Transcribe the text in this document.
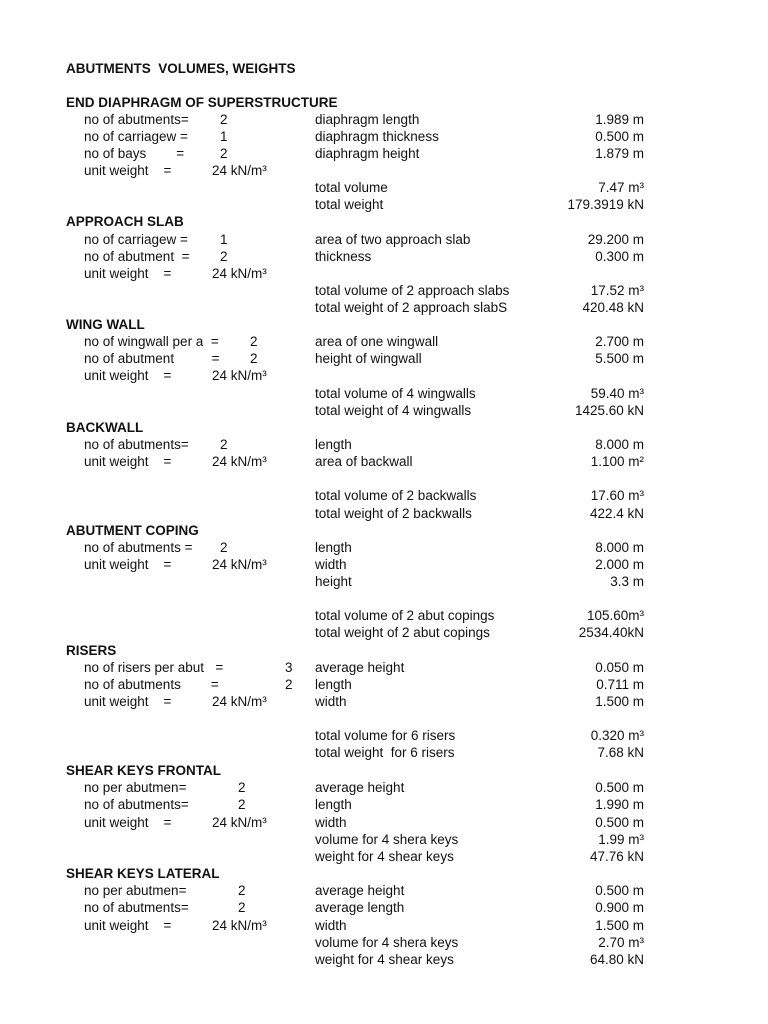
ABUTMENTS  VOLUMES, WEIGHTS
END DIAPHRAGM OF SUPERSTRUCTURE
no of abutments= 2
no of carriagew = 1
no of bays        =	2
unit weight    =	24 kN/m³
diaphragm length	1.989 m
diaphragm thickness	0.500 m
diaphragm height	1.879 m
total volume	7.47 m³
total weight	179.3919 kN
APPROACH SLAB
no of carriagew = 1
no of abutment  = 2
unit weight    =	24 kN/m³
area of two approach slab	29.200 m
thickness	0.300 m
total volume of 2 approach slabs	17.52 m³
total weight of 2 approach slabS	420.48 kN
WING WALL
no of wingwall per a  = 2
no of abutment          = 2
unit weight    =	24 kN/m³
area of one wingwall	2.700 m
height of wingwall	5.500 m
total volume of 4 wingwalls	59.40 m³
total weight of 4 wingwalls	1425.60 kN
BACKWALL
no of abutments= 2
unit weight    =	24 kN/m³
length	8.000 m
area of backwall	1.100 m²
total volume of 2 backwalls	17.60 m³
total weight of 2 backwalls	422.4 kN
ABUTMENT COPING
no of abutments = 2
unit weight    =	24 kN/m³
length	8.000 m
width	2.000 m
height	3.3 m
total volume of 2 abut copings	105.60m³
total weight of 2 abut copings	2534.40kN
RISERS
no of risers per abut   =	3
no of abutments        =	2
unit weight    =	24 kN/m³
average height	0.050 m
length	0.711 m
width	1.500 m
total volume for 6 risers	0.320 m³
total weight  for 6 risers	7.68 kN
SHEAR KEYS FRONTAL
no per abutmen=	2
no of abutments=	2
unit weight    =	24 kN/m³
average height	0.500 m
length	1.990 m
width	0.500 m
volume for 4 shera keys	1.99 m³
weight for 4 shear keys	47.76 kN
SHEAR KEYS LATERAL
no per abutmen=	2
no of abutments=	2
unit weight    =	24 kN/m³
average height	0.500 m
average length	0.900 m
width	1.500 m
volume for 4 shera keys	2.70 m³
weight for 4 shear keys	64.80 kN
